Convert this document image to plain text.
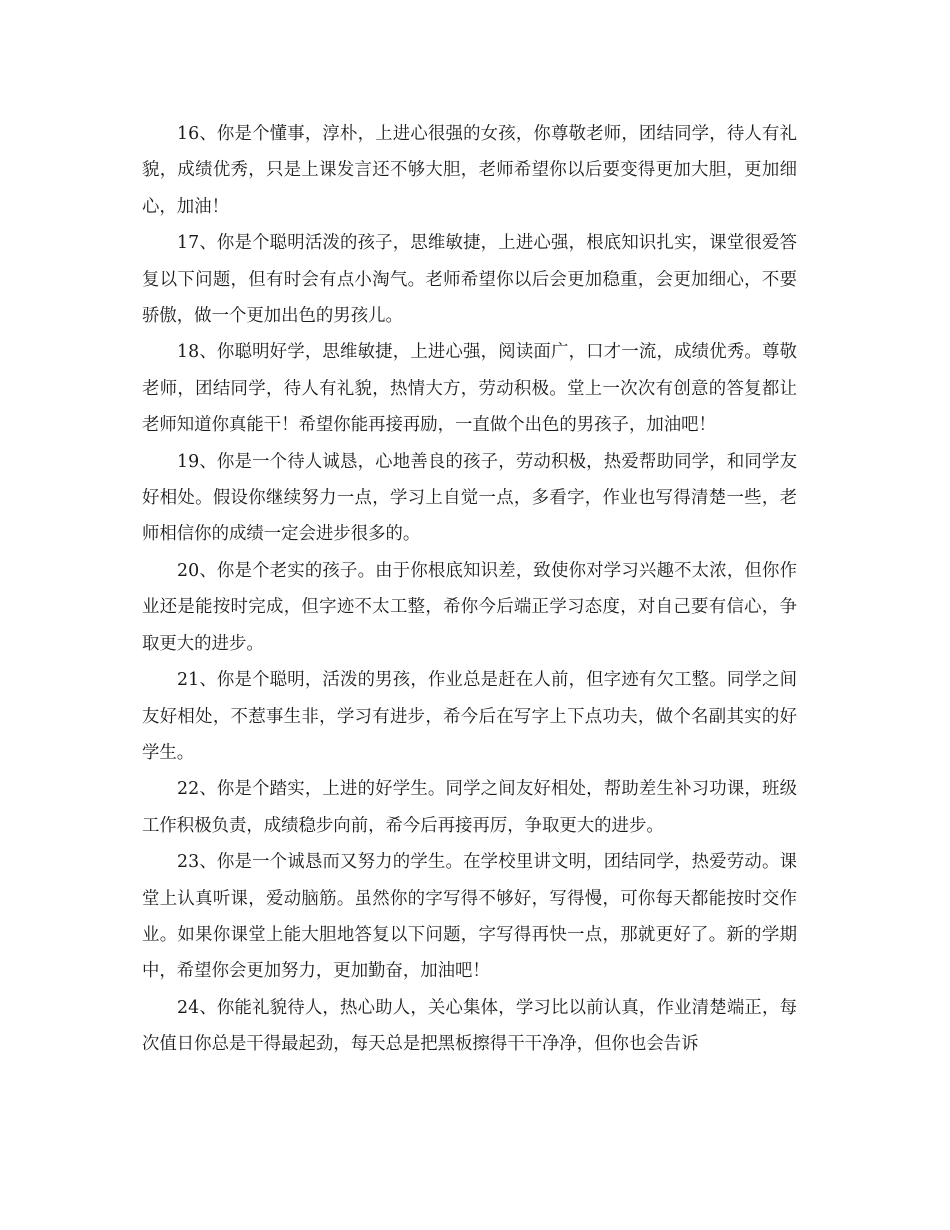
16、你是个懂事，淳朴，上进心很强的女孩，你尊敬老师，团结同学，待人有礼貌，成绩优秀，只是上课发言还不够大胆，老师希望你以后要变得更加大胆，更加细心，加油！

17、你是个聪明活泼的孩子，思维敏捷，上进心强，根底知识扎实，课堂很爱答复以下问题，但有时会有点小淘气。老师希望你以后会更加稳重，会更加细心，不要骄傲，做一个更加出色的男孩儿。

18、你聪明好学，思维敏捷，上进心强，阅读面广，口才一流，成绩优秀。尊敬老师，团结同学，待人有礼貌，热情大方，劳动积极。堂上一次次有创意的答复都让老师知道你真能干！希望你能再接再励，一直做个出色的男孩子，加油吧！

19、你是一个待人诚恳，心地善良的孩子，劳动积极，热爱帮助同学，和同学友好相处。假设你继续努力一点，学习上自觉一点，多看字，作业也写得清楚一些，老师相信你的成绩一定会进步很多的。

20、你是个老实的孩子。由于你根底知识差，致使你对学习兴趣不太浓，但你作业还是能按时完成，但字迹不太工整，希你今后端正学习态度，对自己要有信心，争取更大的进步。

21、你是个聪明，活泼的男孩，作业总是赶在人前，但字迹有欠工整。同学之间友好相处，不惹事生非，学习有进步，希今后在写字上下点功夫，做个名副其实的好学生。

22、你是个踏实，上进的好学生。同学之间友好相处，帮助差生补习功课，班级工作积极负责，成绩稳步向前，希今后再接再厉，争取更大的进步。

23、你是一个诚恳而又努力的学生。在学校里讲文明，团结同学，热爱劳动。课堂上认真听课，爱动脑筋。虽然你的字写得不够好，写得慢，可你每天都能按时交作业。如果你课堂上能大胆地答复以下问题，字写得再快一点，那就更好了。新的学期中，希望你会更加努力，更加勤奋，加油吧！

24、你能礼貌待人，热心助人，关心集体，学习比以前认真，作业清楚端正，每次值日你总是干得最起劲，每天总是把黑板擦得干干净净，但你也会告诉
